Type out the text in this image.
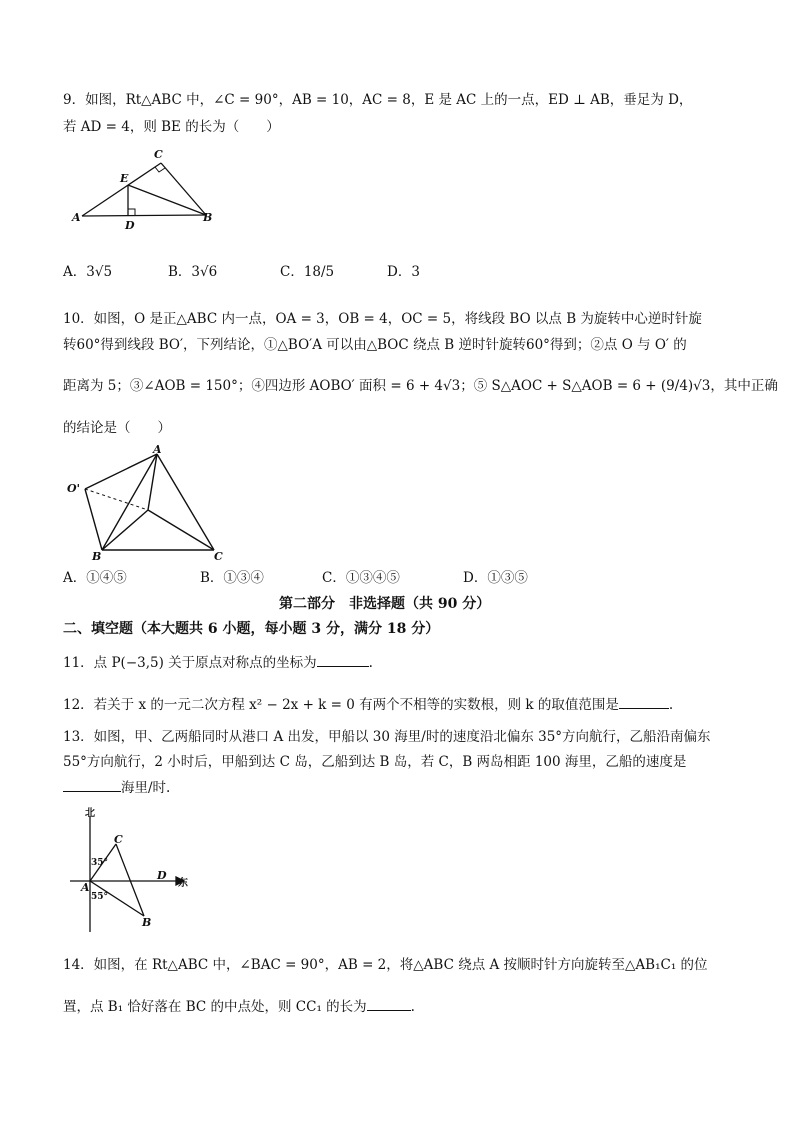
9．如图，Rt△ABC 中，∠C = 90°，AB = 10，AC = 8，E 是 AC 上的一点，ED ⊥ AB，垂足为 D，
若 AD = 4，则 BE 的长为（　　）
C
E
A	B
D
A．3√5	B．3√6	C．18/5	D．3
10．如图，O 是正△ABC 内一点，OA = 3，OB = 4，OC = 5，将线段 BO 以点 B 为旋转中心逆时针旋
转60°得到线段 BO′，下列结论，①△BO′A 可以由△BOC 绕点 B 逆时针旋转60°得到；②点 O 与 O′ 的
距离为 5；③∠AOB = 150°；④四边形 AOBO′ 面积 = 6 + 4√3；⑤ S△AOC + S△AOB = 6 + (9/4)√3，其中正确
的结论是（　　）
A
O'
B	C
A．①④⑤	B．①③④	C．①③④⑤	D．①③⑤
第二部分　非选择题（共 90 分）
二、填空题（本大题共 6 小题，每小题 3 分，满分 18 分）
11．点 P(−3,5) 关于原点对称点的坐标为	.
12．若关于 x 的一元二次方程 x² − 2x + k = 0 有两个不相等的实数根，则 k 的取值范围是	.
13．如图，甲、乙两船同时从港口 A 出发，甲船以 30 海里/时的速度沿北偏东 35°方向航行，乙船沿南偏东
55°方向航行，2 小时后，甲船到达 C 岛，乙船到达 B 岛，若 C，B 两岛相距 100 海里，乙船的速度是
海里/时.
北
东
C
A
D
B
35°
55°
14．如图，在 Rt△ABC 中，∠BAC = 90°，AB = 2，将△ABC 绕点 A 按顺时针方向旋转至△AB₁C₁ 的位
置，点 B₁ 恰好落在 BC 的中点处，则 CC₁ 的长为	.
